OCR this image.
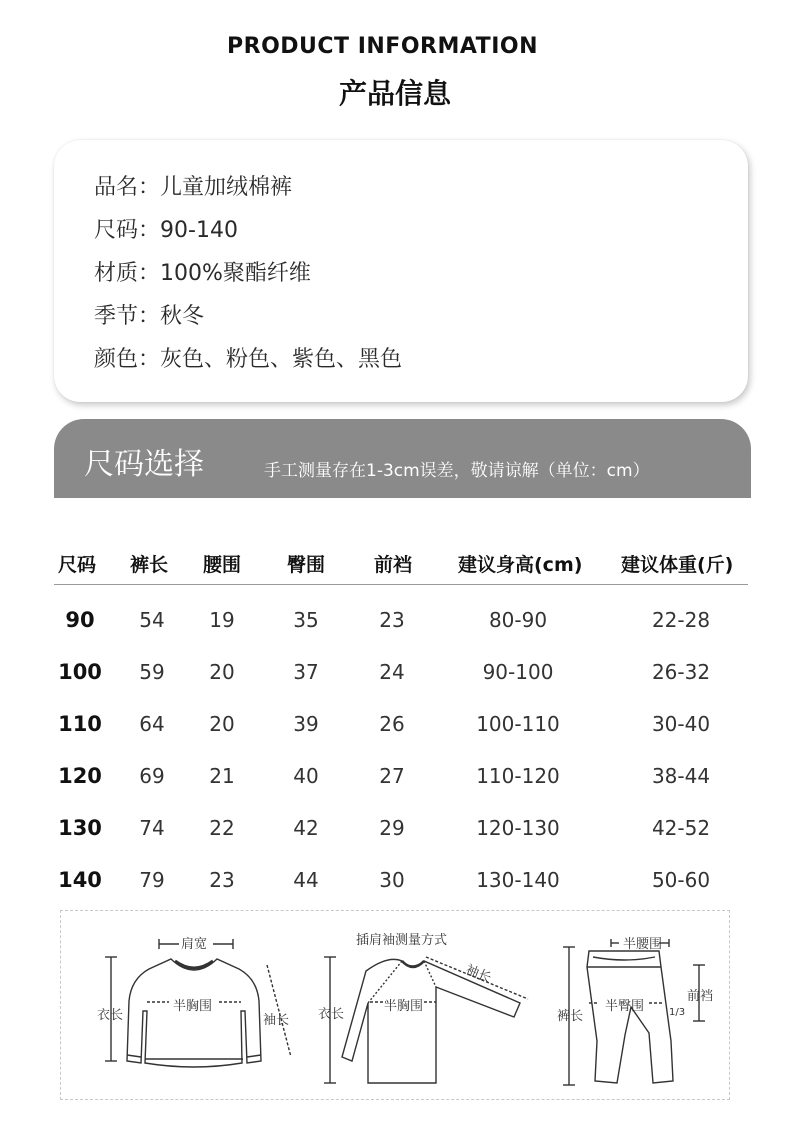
PRODUCT INFORMATION
产品信息
品名：儿童加绒棉裤
尺码：90-140
材质：100%聚酯纤维
季节：秋冬
颜色：灰色、粉色、紫色、黑色
尺码选择	手工测量存在1-3cm误差，敬请谅解（单位：cm）
尺码 裤长 腰围 臀围	前裆 建议身高(cm) 建议体重(斤)
90 54 19	35	23	80-90	22-28
100 59 20	37	24	90-100	26-32
110 64 20	39	26	100-110	30-40
120 69 21	40	27	110-120	38-44
130 74 22	42	29	120-130	42-52
140 79 23	44	30	130-140	50-60
肩宽
衣长
半胸围
袖长
插肩袖测量方式
衣长
半胸围
袖长
半腰围
裤长
半臀围
前裆
1/3
